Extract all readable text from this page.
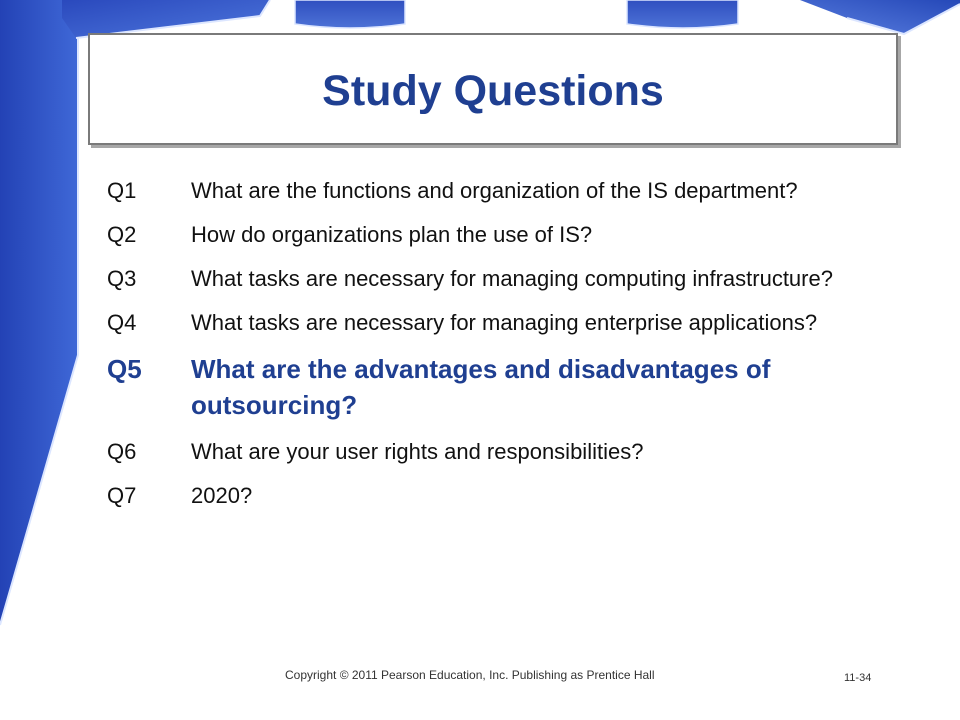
Study Questions
Q1	What are the functions and organization of the IS department?
Q2	How do organizations plan the use of IS?
Q3	What tasks are necessary for managing computing infrastructure?
Q4	What tasks are necessary for managing enterprise applications?
Q5	What are the advantages and disadvantages of outsourcing?
Q6	What are your user rights and responsibilities?
Q7	2020?
Copyright © 2011 Pearson Education, Inc. Publishing as Prentice Hall	11-34
